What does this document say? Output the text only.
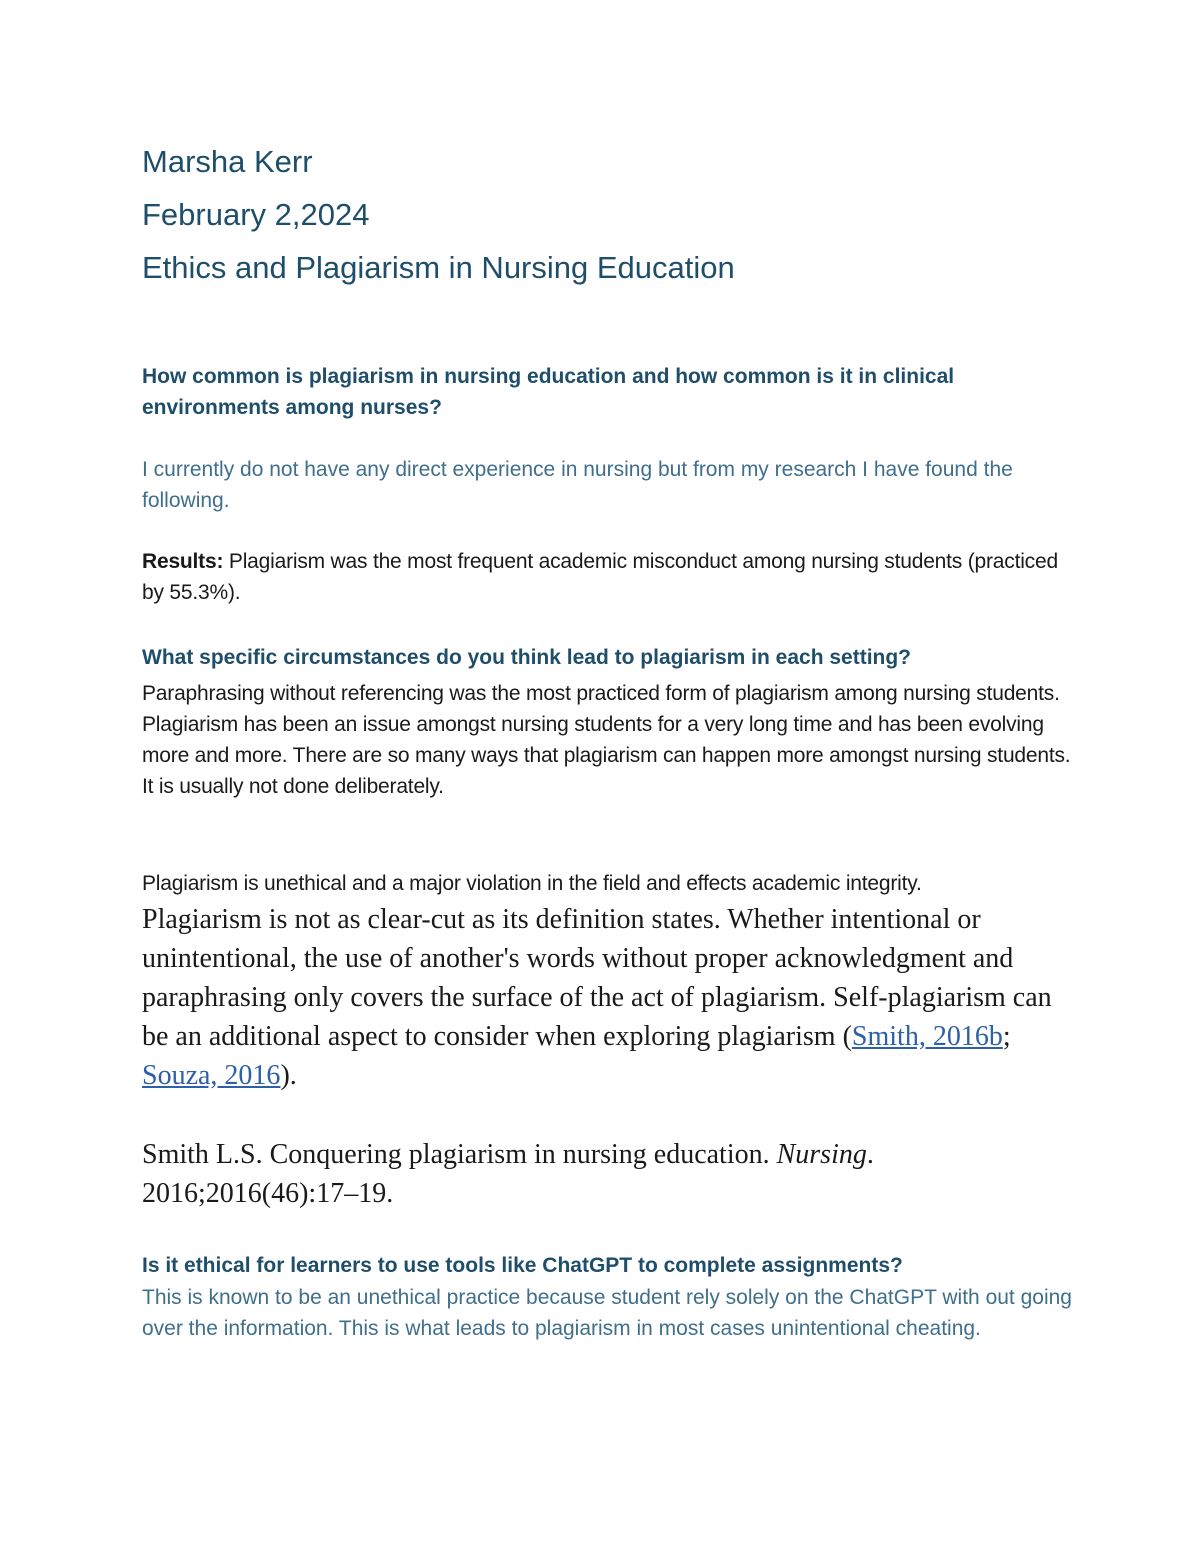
Marsha Kerr

February 2,2024

Ethics and Plagiarism in Nursing Education

How common is plagiarism in nursing education and how common is it in clinical environments among nurses?

I currently do not have any direct experience in nursing but from my research I have found the following.

Results: Plagiarism was the most frequent academic misconduct among nursing students (practiced by 55.3%).

What specific circumstances do you think lead to plagiarism in each setting?

Paraphrasing without referencing was the most practiced form of plagiarism among nursing students. Plagiarism has been an issue amongst nursing students for a very long time and has been evolving more and more. There are so many ways that plagiarism can happen more amongst nursing students. It is usually not done deliberately.

Plagiarism is unethical and a major violation in the field and effects academic integrity.

Plagiarism is not as clear-cut as its definition states. Whether intentional or unintentional, the use of another's words without proper acknowledgment and paraphrasing only covers the surface of the act of plagiarism. Self-plagiarism can be an additional aspect to consider when exploring plagiarism (Smith, 2016b; Souza, 2016).

Smith L.S. Conquering plagiarism in nursing education. Nursing. 2016;2016(46):17–19.

Is it ethical for learners to use tools like ChatGPT to complete assignments?

This is known to be an unethical practice because student rely solely on the ChatGPT with out going over the information. This is what leads to plagiarism in most cases unintentional cheating.
